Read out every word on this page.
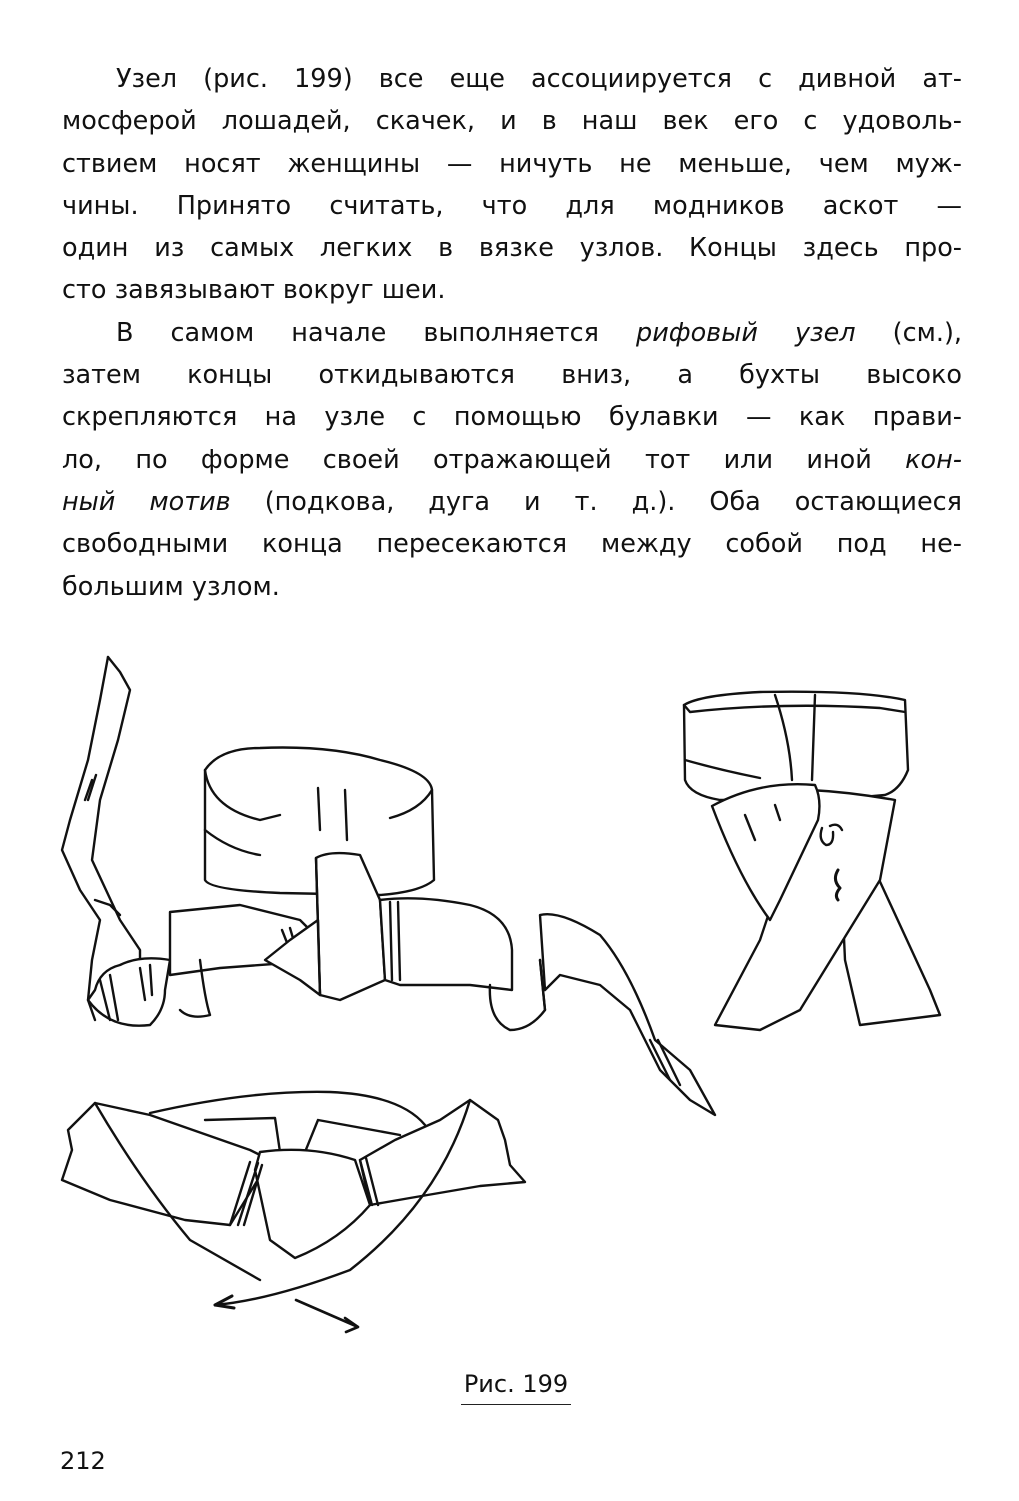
Узел (рис. 199) все еще ассоциируется с дивной ат-
мосферой лошадей, скачек, и в наш век его с удоволь-
ствием носят женщины — ничуть не меньше, чем муж-
чины. Принято считать, что для модников аскот —
один из самых легких в вязке узлов. Концы здесь про-
сто завязывают вокруг шеи.

В самом начале выполняется рифовый узел (см.),
затем концы откидываются вниз, а бухты высоко
скрепляются на узле с помощью булавки — как прави-
ло, по форме своей отражающей тот или иной кон-
ный мотив (подкова, дуга и т. д.). Оба остающиеся
свободными конца пересекаются между собой под не-
большим узлом.

Рис. 199
212
